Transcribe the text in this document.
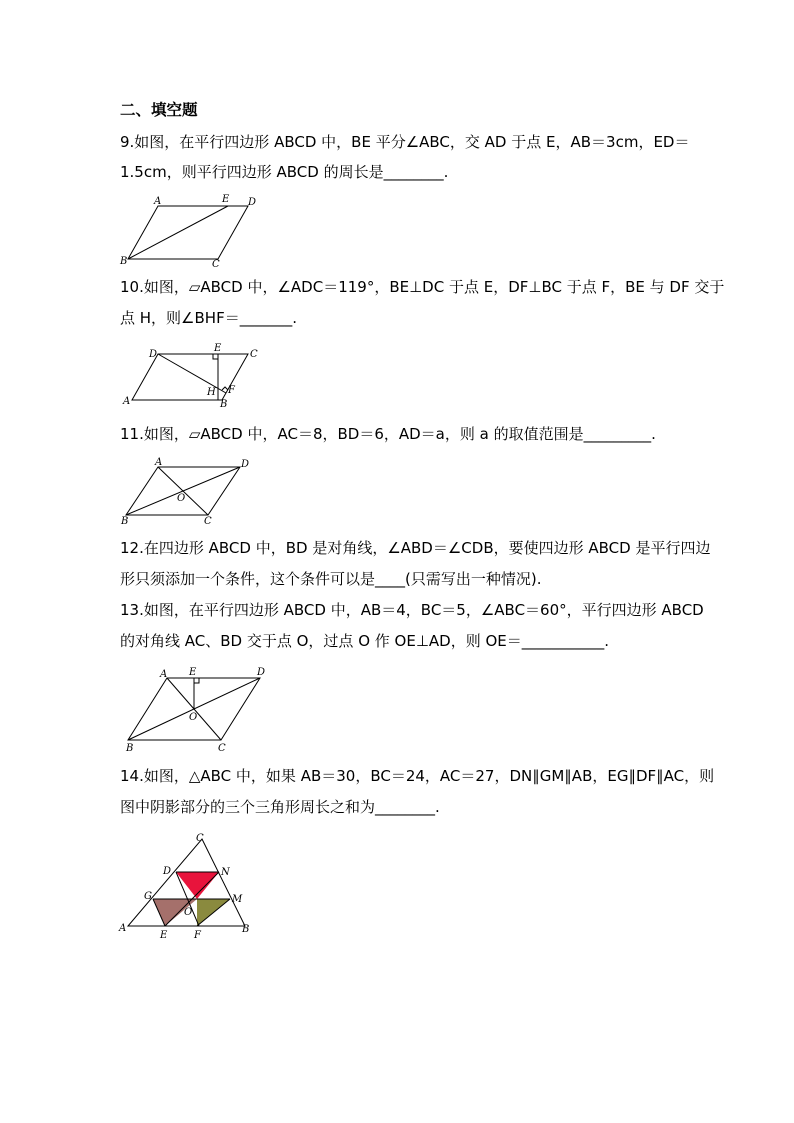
二、填空题
9.如图，在平行四边形 ABCD 中，BE 平分∠ABC，交 AD 于点 E，AB＝3cm，ED＝
1.5cm，则平行四边形 ABCD 的周长是________.
A	E D
B	C
10.如图，▱ABCD 中，∠ADC＝119°，BE⊥DC 于点 E，DF⊥BC 于点 F，BE 与 DF 交于
点 H，则∠BHF＝_______.
D
E
C
H F
A	B
11.如图，▱ABCD 中，AC＝8，BD＝6，AD＝a，则 a 的取值范围是_________.
A	D
O
B	C
12.在四边形 ABCD 中，BD 是对角线，∠ABD＝∠CDB，要使四边形 ABCD 是平行四边
形只须添加一个条件，这个条件可以是____(只需写出一种情况).
13.如图，在平行四边形 ABCD 中，AB＝4，BC＝5，∠ABC＝60°，平行四边形 ABCD
的对角线 AC、BD 交于点 O，过点 O 作 OE⊥AD，则 OE＝___________.
A E	D
O
B	C
14.如图，△ABC 中，如果 AB＝30，BC＝24，AC＝27，DN∥GM∥AB，EG∥DF∥AC，则
图中阴影部分的三个三角形周长之和为________.
C
D	N
G	M
O
A
E	F
B
